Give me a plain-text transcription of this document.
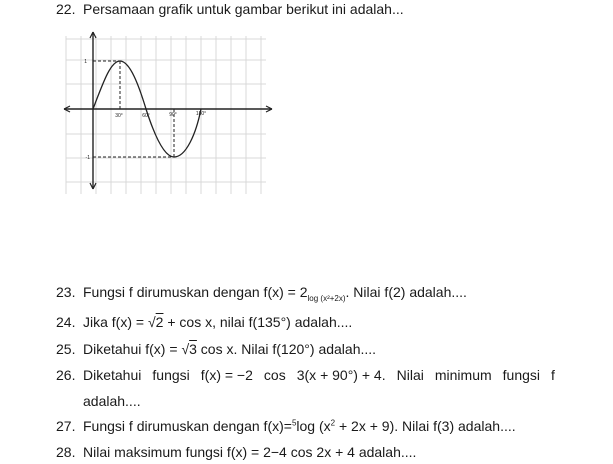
22. Persamaan grafik untuk gambar berikut ini adalah...
1
-1
30°	60°	90°	180°
23. Fungsi f dirumuskan dengan $f(x) = 2_{log (x^2+2x)}$. Nilai f(2) adalah....
24. Jika f(x) = √2 + cos x, nilai f(135°) adalah....
25. Diketahui f(x) = √3 cos x. Nilai f(120°) adalah....
26. Diketahui fungsi f(x) = −2 cos 3(x + 90°) + 4. Nilai minimum fungsi f
adalah....
27. Fungsi f dirumuskan dengan f(x)=$^5$log $(x^2 + 2x + 9)$. Nilai f(3) adalah....
28. Nilai maksimum fungsi f(x) = 2−4 cos 2x + 4 adalah....
